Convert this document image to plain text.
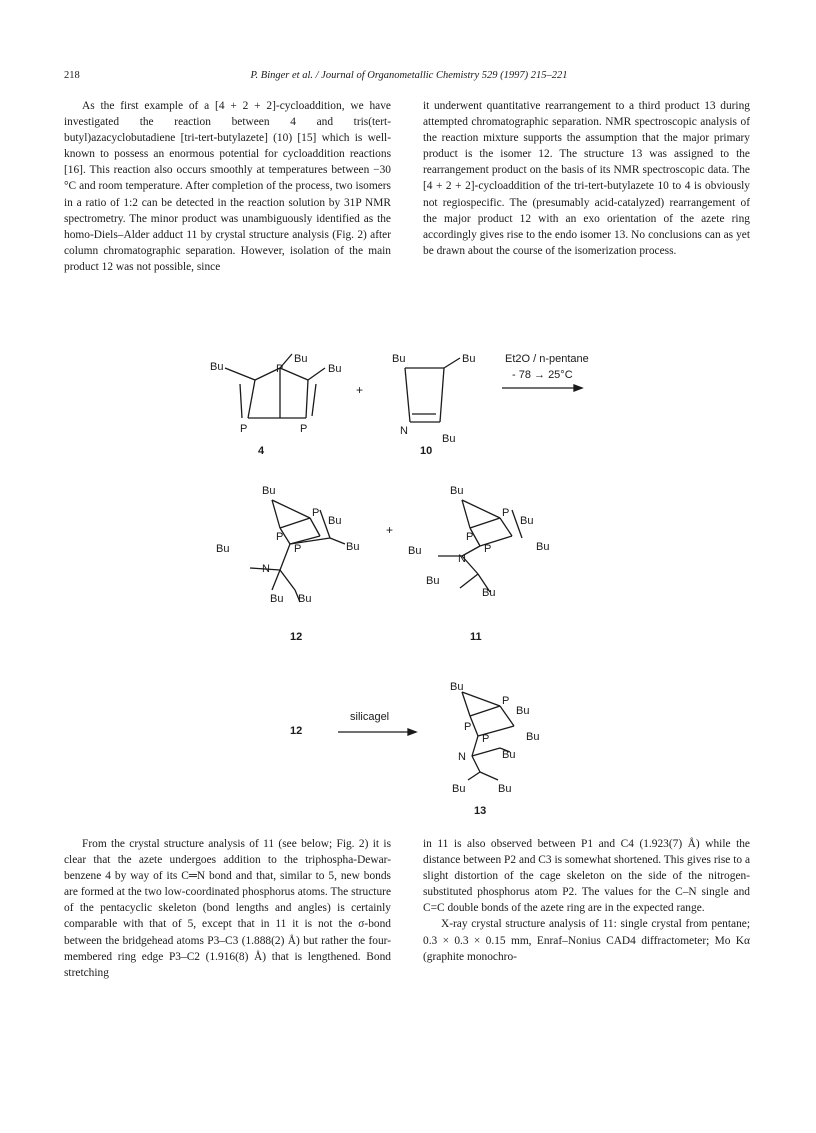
218	P. Binger et al. / Journal of Organometallic Chemistry 529 (1997) 215–221

As the first example of a [4 + 2 + 2]-cycloaddition, we have investigated the reaction between 4 and tris(tert-butyl)azacyclobutadiene [tri-tert-butylazete] (10) [15] which is well-known to possess an enormous potential for cycloaddition reactions [16]. This reaction also occurs smoothly at temperatures between −30 °C and room temperature. After completion of the process, two isomers in a ratio of 1:2 can be detected in the reaction solution by 31P NMR spectrometry. The minor product was unambiguously identified as the homo-Diels–Alder adduct 11 by crystal structure analysis (Fig. 2) after column chromatographic separation. However, isolation of the main product 12 was not possible, since

it underwent quantitative rearrangement to a third product 13 during attempted chromatographic separation. NMR spectroscopic analysis of the reaction mixture supports the assumption that the major primary product is the isomer 12. The structure 13 was assigned to the rearrangement product on the basis of its NMR spectroscopic data. The [4 + 2 + 2]-cycloaddition of the tri-tert-butylazete 10 to 4 is obviously not regiospecific. The (presumably acid-catalyzed) rearrangement of the major product 12 with an exo orientation of the azete ring accordingly gives rise to the endo isomer 13. No conclusions can as yet be drawn about the course of the isomerization process.

Bu	P
Bu
Bu
P	P
4
+
Bu	Bu
N
Bu
10
Et2O / n-pentane
- 78 → 25°C
Bu
P
Bu
P
P	Bu
Bu
N
Bu Bu
12
+
Bu
P
Bu
P
P	Bu
Bu
N
Bu
Bu
11
12
silicagel
Bu
P
Bu
P
P	Bu
N	Bu
Bu	Bu
13

From the crystal structure analysis of 11 (see below; Fig. 2) it is clear that the azete undergoes addition to the triphospha-Dewar-benzene 4 by way of its C═N bond and that, similar to 5, new bonds are formed at the two low-coordinated phosphorus atoms. The structure of the pentacyclic skeleton (bond lengths and angles) is certainly comparable with that of 5, except that in 11 it is not the σ-bond between the bridgehead atoms P3–C3 (1.888(2) Å) but rather the four-membered ring edge P3–C2 (1.916(8) Å) that is lengthened. Bond stretching

in 11 is also observed between P1 and C4 (1.923(7) Å) while the distance between P2 and C3 is somewhat shortened. This gives rise to a slight distortion of the cage skeleton on the side of the nitrogen-substituted phosphorus atom P2. The values for the C–N single and C=C double bonds of the azete ring are in the expected range.

X-ray crystal structure analysis of 11: single crystal from pentane; 0.3 × 0.3 × 0.15 mm, Enraf–Nonius CAD4 diffractometer; Mo Kα (graphite monochro-
